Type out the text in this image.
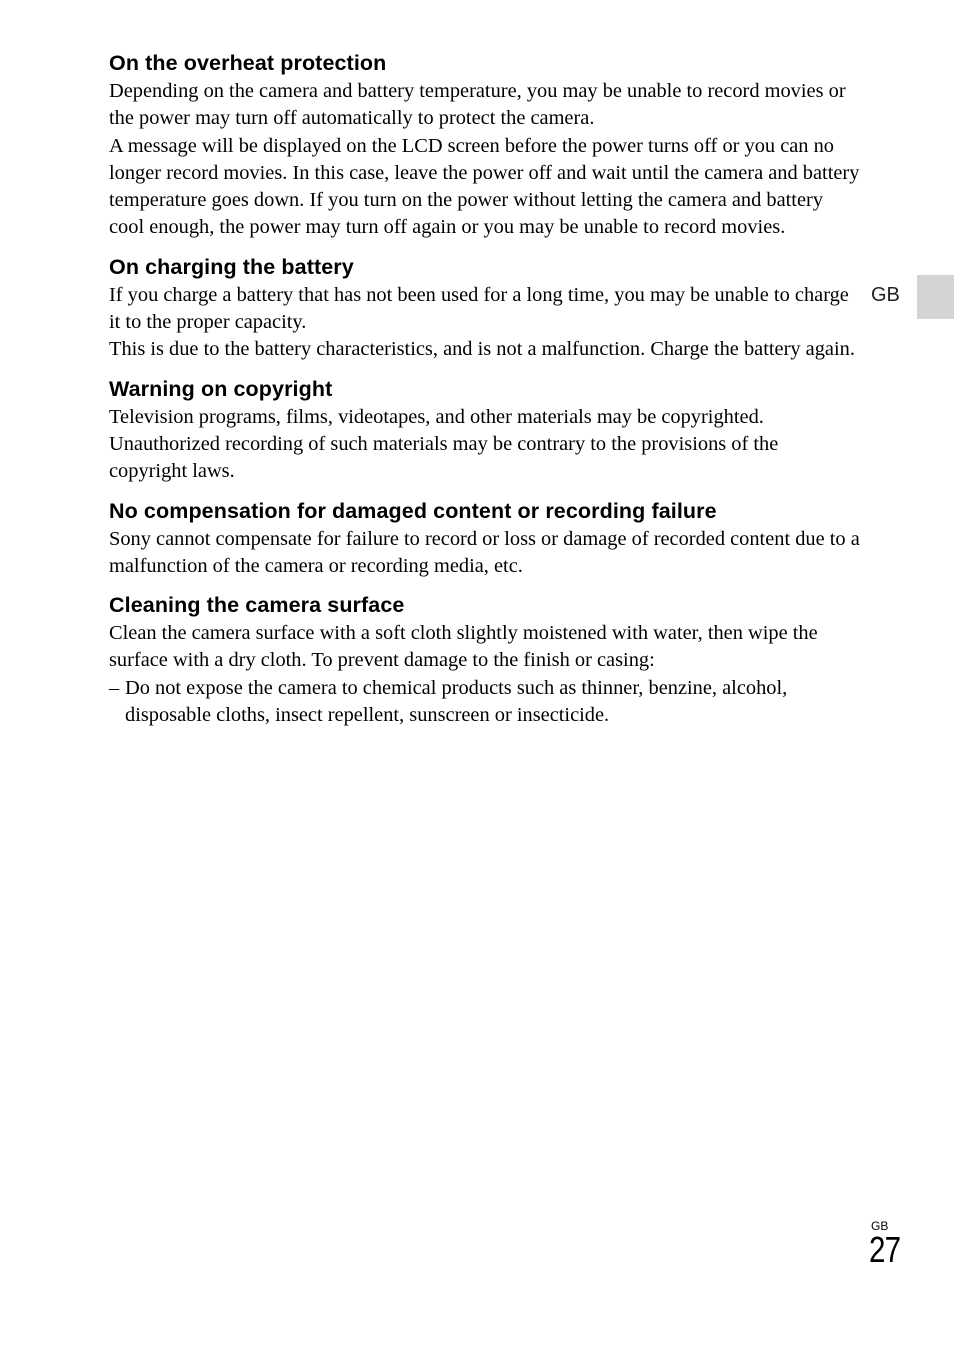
On the overheat protection

Depending on the camera and battery temperature, you may be unable to record movies or the power may turn off automatically to protect the camera.

A message will be displayed on the LCD screen before the power turns off or you can no longer record movies. In this case, leave the power off and wait until the camera and battery temperature goes down. If you turn on the power without letting the camera and battery cool enough, the power may turn off again or you may be unable to record movies.

On charging the battery

If you charge a battery that has not been used for a long time, you may be unable to charge it to the proper capacity.

This is due to the battery characteristics, and is not a malfunction. Charge the battery again.

Warning on copyright

Television programs, films, videotapes, and other materials may be copyrighted. Unauthorized recording of such materials may be contrary to the provisions of the copyright laws.

No compensation for damaged content or recording failure

Sony cannot compensate for failure to record or loss or damage of recorded content due to a malfunction of the camera or recording media, etc.

Cleaning the camera surface

Clean the camera surface with a soft cloth slightly moistened with water, then wipe the surface with a dry cloth. To prevent damage to the finish or casing:

– Do not expose the camera to chemical products such as thinner, benzine, alcohol, disposable cloths, insect repellent, sunscreen or insecticide.

GB
GB
27
